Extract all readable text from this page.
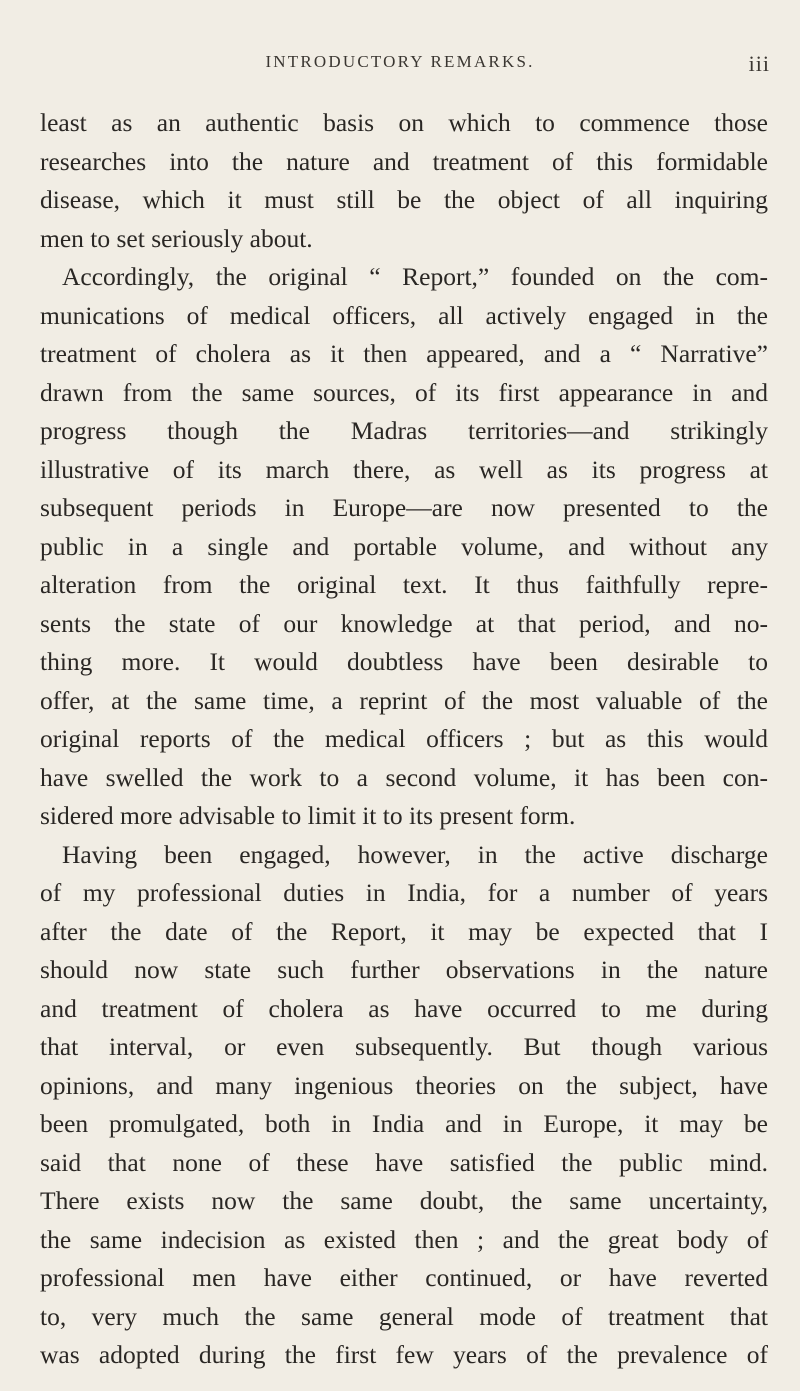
INTRODUCTORY REMARKS.	iii
least as an authentic basis on which to commence those
researches into the nature and treatment of this formidable
disease, which it must still be the object of all inquiring
men to set seriously about.
Accordingly, the original “ Report,” founded on the com-
munications of medical officers, all actively engaged in the
treatment of cholera as it then appeared, and a “ Narrative”
drawn from the same sources, of its first appearance in and
progress though the Madras territories—and strikingly
illustrative of its march there, as well as its progress at
subsequent periods in Europe—are now presented to the
public in a single and portable volume, and without any
alteration from the original text. It thus faithfully repre-
sents the state of our knowledge at that period, and no-
thing more. It would doubtless have been desirable to
offer, at the same time, a reprint of the most valuable of the
original reports of the medical officers ; but as this would
have swelled the work to a second volume, it has been con-
sidered more advisable to limit it to its present form.
Having been engaged, however, in the active discharge
of my professional duties in India, for a number of years
after the date of the Report, it may be expected that I
should now state such further observations in the nature
and treatment of cholera as have occurred to me during
that interval, or even subsequently. But though various
opinions, and many ingenious theories on the subject, have
been promulgated, both in India and in Europe, it may be
said that none of these have satisfied the public mind.
There exists now the same doubt, the same uncertainty,
the same indecision as existed then ; and the great body of
professional men have either continued, or have reverted
to, very much the same general mode of treatment that
was adopted during the first few years of the prevalence of
